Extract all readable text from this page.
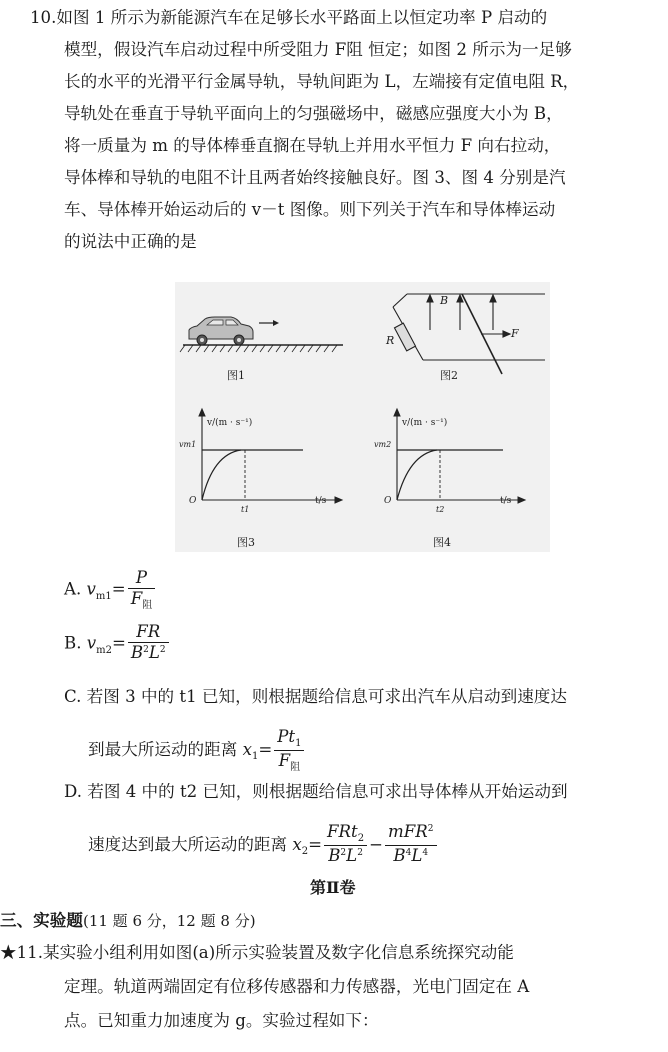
10.如图 1 所示为新能源汽车在足够长水平路面上以恒定功率 P 启动的
模型，假设汽车启动过程中所受阻力 F阻 恒定；如图 2 所示为一足够
长的水平的光滑平行金属导轨，导轨间距为 L，左端接有定值电阻 R，
导轨处在垂直于导轨平面向上的匀强磁场中，磁感应强度大小为 B，
将一质量为 m 的导体棒垂直搁在导轨上并用水平恒力 F 向右拉动，
导体棒和导轨的电阻不计且两者始终接触良好。图 3、图 4 分别是汽
车、导体棒开始运动后的 v－t 图像。则下列关于汽车和导体棒运动
的说法中正确的是
图1
B
R
F
图2
v/(m · s⁻¹)
vm1
O
t1
t/s
图3
v/(m · s⁻¹)
vm2
O
t2
t/s
图4
A. $v_{m1}= \frac{P}{F_阻}$
B. $v_{m2}= \frac{FR}{B^2L^2}$
C. 若图 3 中的 t1 已知，则根据题给信息可求出汽车从启动到速度达
到最大所运动的距离 $x_1= \frac{Pt_1}{F_阻}$
D. 若图 4 中的 t2 已知，则根据题给信息可求出导体棒从开始运动到
速度达到最大所运动的距离 $x_2= \frac{FRt_2}{B^2L^2} - \frac{mFR^2}{B^4L^4}$
第Ⅱ卷
三、实验题(11 题 6 分，12 题 8 分)
★11.某实验小组利用如图(a)所示实验装置及数字化信息系统探究动能
定理。轨道两端固定有位移传感器和力传感器，光电门固定在 A
点。已知重力加速度为 g。实验过程如下：
